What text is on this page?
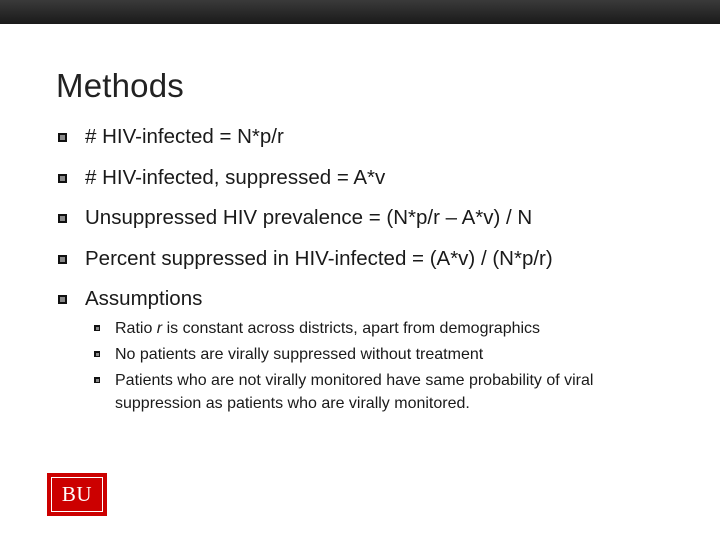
Methods
# HIV-infected = N*p/r
# HIV-infected, suppressed = A*v
Unsuppressed HIV prevalence = (N*p/r – A*v) / N
Percent suppressed in HIV-infected = (A*v) / (N*p/r)
Assumptions
Ratio r is constant across districts, apart from demographics
No patients are virally suppressed without treatment
Patients who are not virally monitored have same probability of viral suppression as patients who are virally monitored.
BU
